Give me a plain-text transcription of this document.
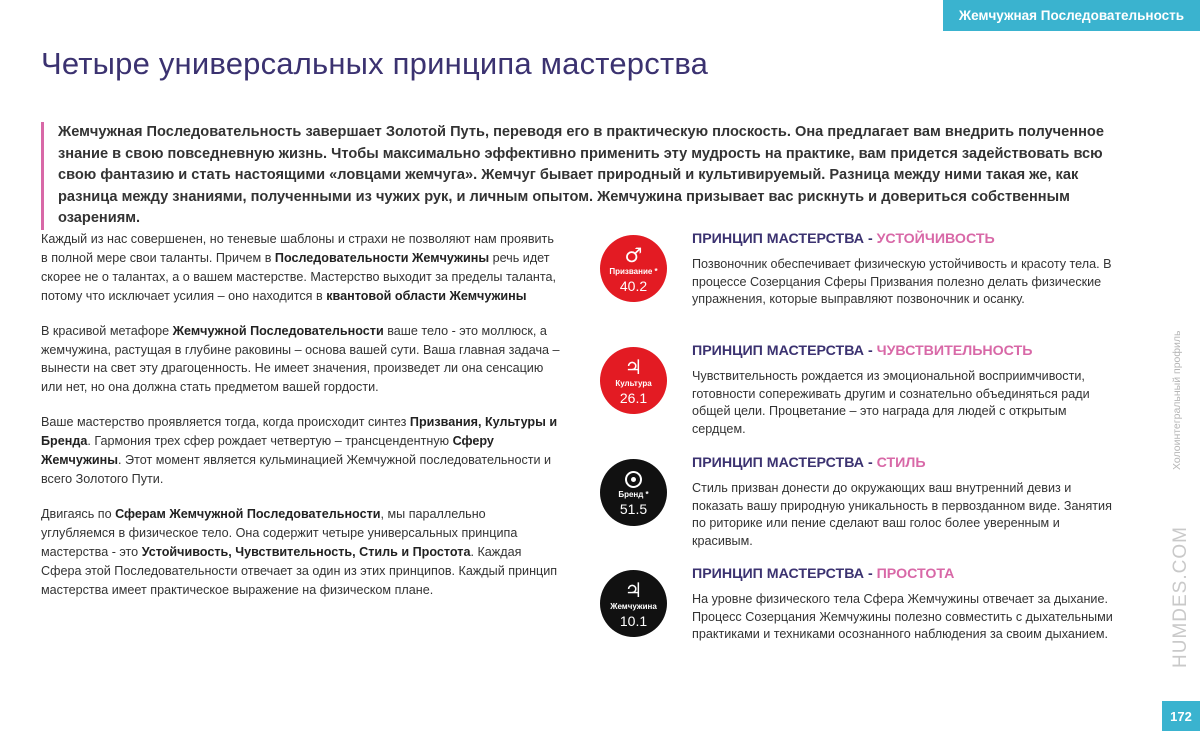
Жемчужная Последовательность
Четыре универсальных принципа мастерства

Жемчужная Последовательность завершает Золотой Путь, переводя его в практическую плоскость. Она предлагает вам внедрить полученное знание в свою повседневную жизнь. Чтобы максимально эффективно применить эту мудрость на практике, вам придется задействовать всю свою фантазию и стать настоящими «ловцами жемчуга». Жемчуг бывает природный и культивируемый. Разница между ними такая же, как разница между знаниями, полученными из чужих рук, и личным опытом. Жемчужина призывает вас рискнуть и довериться собственным озарениям.

Каждый из нас совершенен, но теневые шаблоны и страхи не позволяют нам проявить в полной мере свои таланты. Причем в Последовательности Жемчужины речь идет скорее не о талантах, а о вашем мастерстве. Мастерство выходит за пределы таланта, потому что исключает усилия – оно находится в квантовой области Жемчужины

В красивой метафоре Жемчужной Последовательности ваше тело - это моллюск, а жемчужина, растущая в глубине раковины – основа вашей сути. Ваша главная задача – вынести на свет эту драгоценность. Не имеет значения, произведет ли она сенсацию или нет, но она должна стать предметом вашей гордости.

Ваше мастерство проявляется тогда, когда происходит синтез Призвания, Культуры и Бренда. Гармония трех сфер рождает четвертую – трансцендентную Сферу Жемчужины. Этот момент является кульминацией Жемчужной последовательности и всего Золотого Пути.

Двигаясь по Сферам Жемчужной Последовательности, мы параллельно углубляемся в физическое тело. Она содержит четыре универсальных принципа мастерства - это Устойчивость, Чувствительность, Стиль и Простота. Каждая Сфера этой Последовательности отвечает за один из этих принципов. Каждый принцип мастерства имеет практическое выражение на физическом плане.

♂
Призвание *
40.2
ПРИНЦИП МАСТЕРСТВА - УСТОЙЧИВОСТЬ
Позвоночник обеспечивает физическую устойчивость и красоту тела. В процессе Созерцания Сферы Призвания полезно делать физические упражнения, которые выправляют позвоночник и осанку.
♃
Культура
26.1
ПРИНЦИП МАСТЕРСТВА - ЧУВСТВИТЕЛЬНОСТЬ
Чувствительность рождается из эмоциональной восприимчивости, готовности сопереживать другим и сознательно объединяться ради общей цели. Процветание – это награда для людей с открытым сердцем.
Бренд *
51.5
ПРИНЦИП МАСТЕРСТВА - СТИЛЬ
Стиль призван донести до окружающих ваш внутренний девиз и показать вашу природную уникальность в первозданном виде. Занятия по риторике или пение сделают ваш голос более уверенным и красивым.
♃
Жемчужина
10.1
ПРИНЦИП МАСТЕРСТВА - ПРОСТОТА
На уровне физического тела Сфера Жемчужины отвечает за дыхание. Процесс Созерцания Жемчужины полезно совместить с дыхательными практиками и техниками осознанного наблюдения за своим дыханием.
Холоинтегральный профиль
HUMDES.COM
172
